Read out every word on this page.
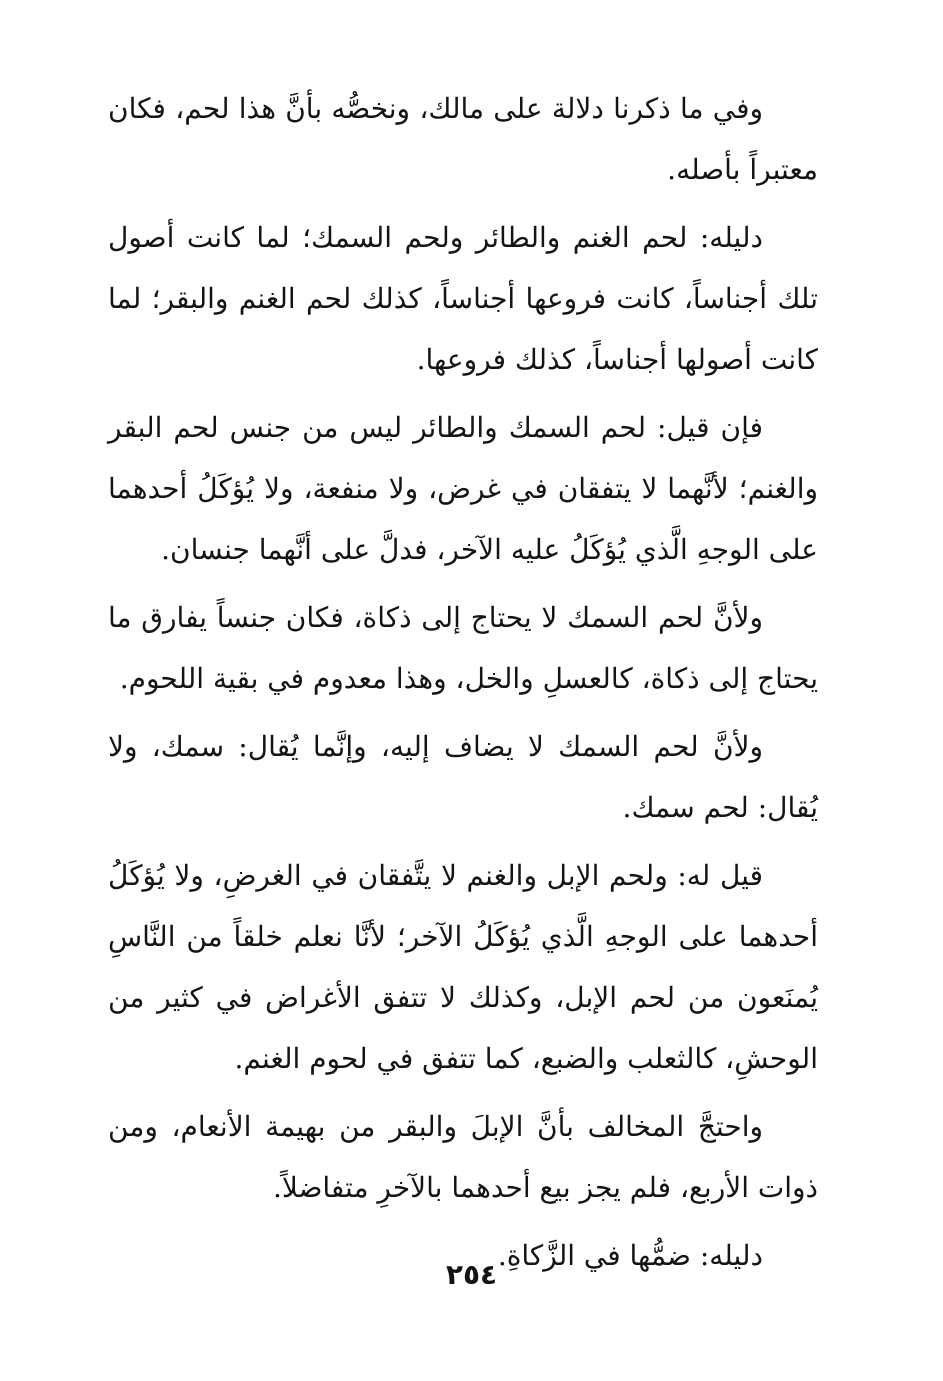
وفي ما ذكرنا دلالة على مالك، ونخصُّه بأنَّ هذا لحم، فكان معتبراً بأصله.

دليله: لحم الغنم والطائر ولحم السمك؛ لما كانت أصول تلك أجناساً، كانت فروعها أجناساً، كذلك لحم الغنم والبقر؛ لما كانت أصولها أجناساً، كذلك فروعها.

فإن قيل: لحم السمك والطائر ليس من جنس لحم البقر والغنم؛ لأنَّهما لا يتفقان في غرض، ولا منفعة، ولا يُؤكَلُ أحدهما على الوجهِ الَّذي يُؤكَلُ عليه الآخر، فدلَّ على أنَّهما جنسان.

ولأنَّ لحم السمك لا يحتاج إلى ذكاة، فكان جنساً يفارق ما يحتاج إلى ذكاة، كالعسلِ والخل، وهذا معدوم في بقية اللحوم.

ولأنَّ لحم السمك لا يضاف إليه، وإنَّما يُقال: سمك، ولا يُقال: لحم سمك.

قيل له: ولحم الإبل والغنم لا يتَّفقان في الغرضِ، ولا يُؤكَلُ أحدهما على الوجهِ الَّذي يُؤكَلُ الآخر؛ لأنَّا نعلم خلقاً من النَّاسِ يُمنَعون من لحم الإبل، وكذلك لا تتفق الأغراض في كثير من الوحشِ، كالثعلب والضبع، كما تتفق في لحوم الغنم.

واحتجَّ المخالف بأنَّ الإبلَ والبقر من بهيمة الأنعام، ومن ذوات الأربع، فلم يجز بيع أحدهما بالآخرِ متفاضلاً.

دليله: ضمُّها في الزَّكاةِ.

٢٥٤
